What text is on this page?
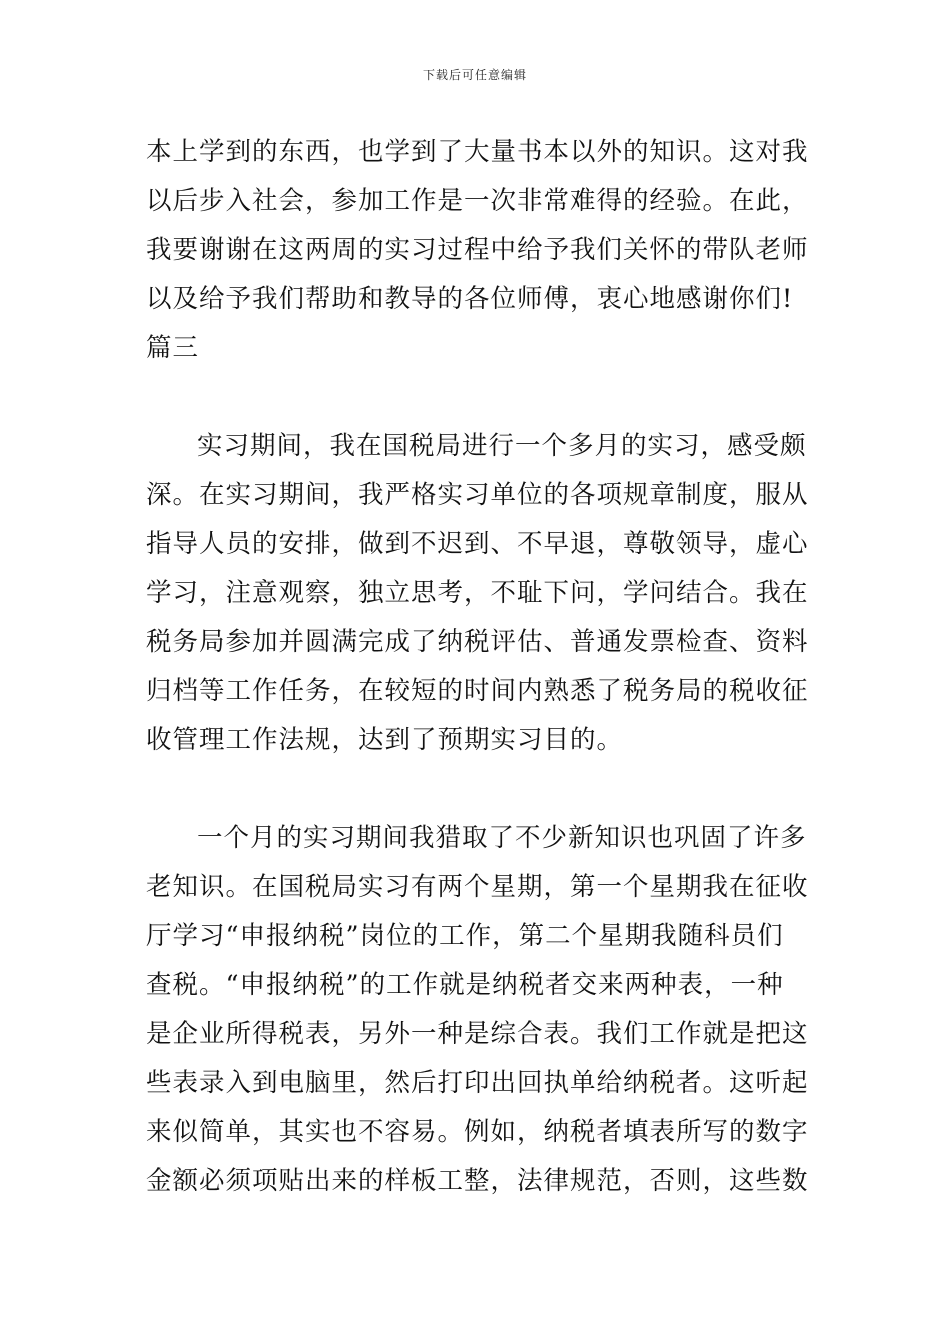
下载后可任意编辑
本上学到的东西，也学到了大量书本以外的知识。这对我
以后步入社会，参加工作是一次非常难得的经验。在此，
我要谢谢在这两周的实习过程中给予我们关怀的带队老师
以及给予我们帮助和教导的各位师傅，衷心地感谢你们!
篇三
实习期间，我在国税局进行一个多月的实习，感受颇
深。在实习期间，我严格实习单位的各项规章制度，服从
指导人员的安排，做到不迟到、不早退，尊敬领导，虚心
学习，注意观察，独立思考，不耻下问，学问结合。我在
税务局参加并圆满完成了纳税评估、普通发票检查、资料
归档等工作任务，在较短的时间内熟悉了税务局的税收征
收管理工作法规，达到了预期实习目的。
一个月的实习期间我猎取了不少新知识也巩固了许多
老知识。在国税局实习有两个星期，第一个星期我在征收
厅学习“申报纳税”岗位的工作，第二个星期我随科员们
查税。“申报纳税”的工作就是纳税者交来两种表，一种
是企业所得税表，另外一种是综合表。我们工作就是把这
些表录入到电脑里，然后打印出回执单给纳税者。这听起
来似简单，其实也不容易。例如，纳税者填表所写的数字
金额必须项贴出来的样板工整，法律规范，否则，这些数
